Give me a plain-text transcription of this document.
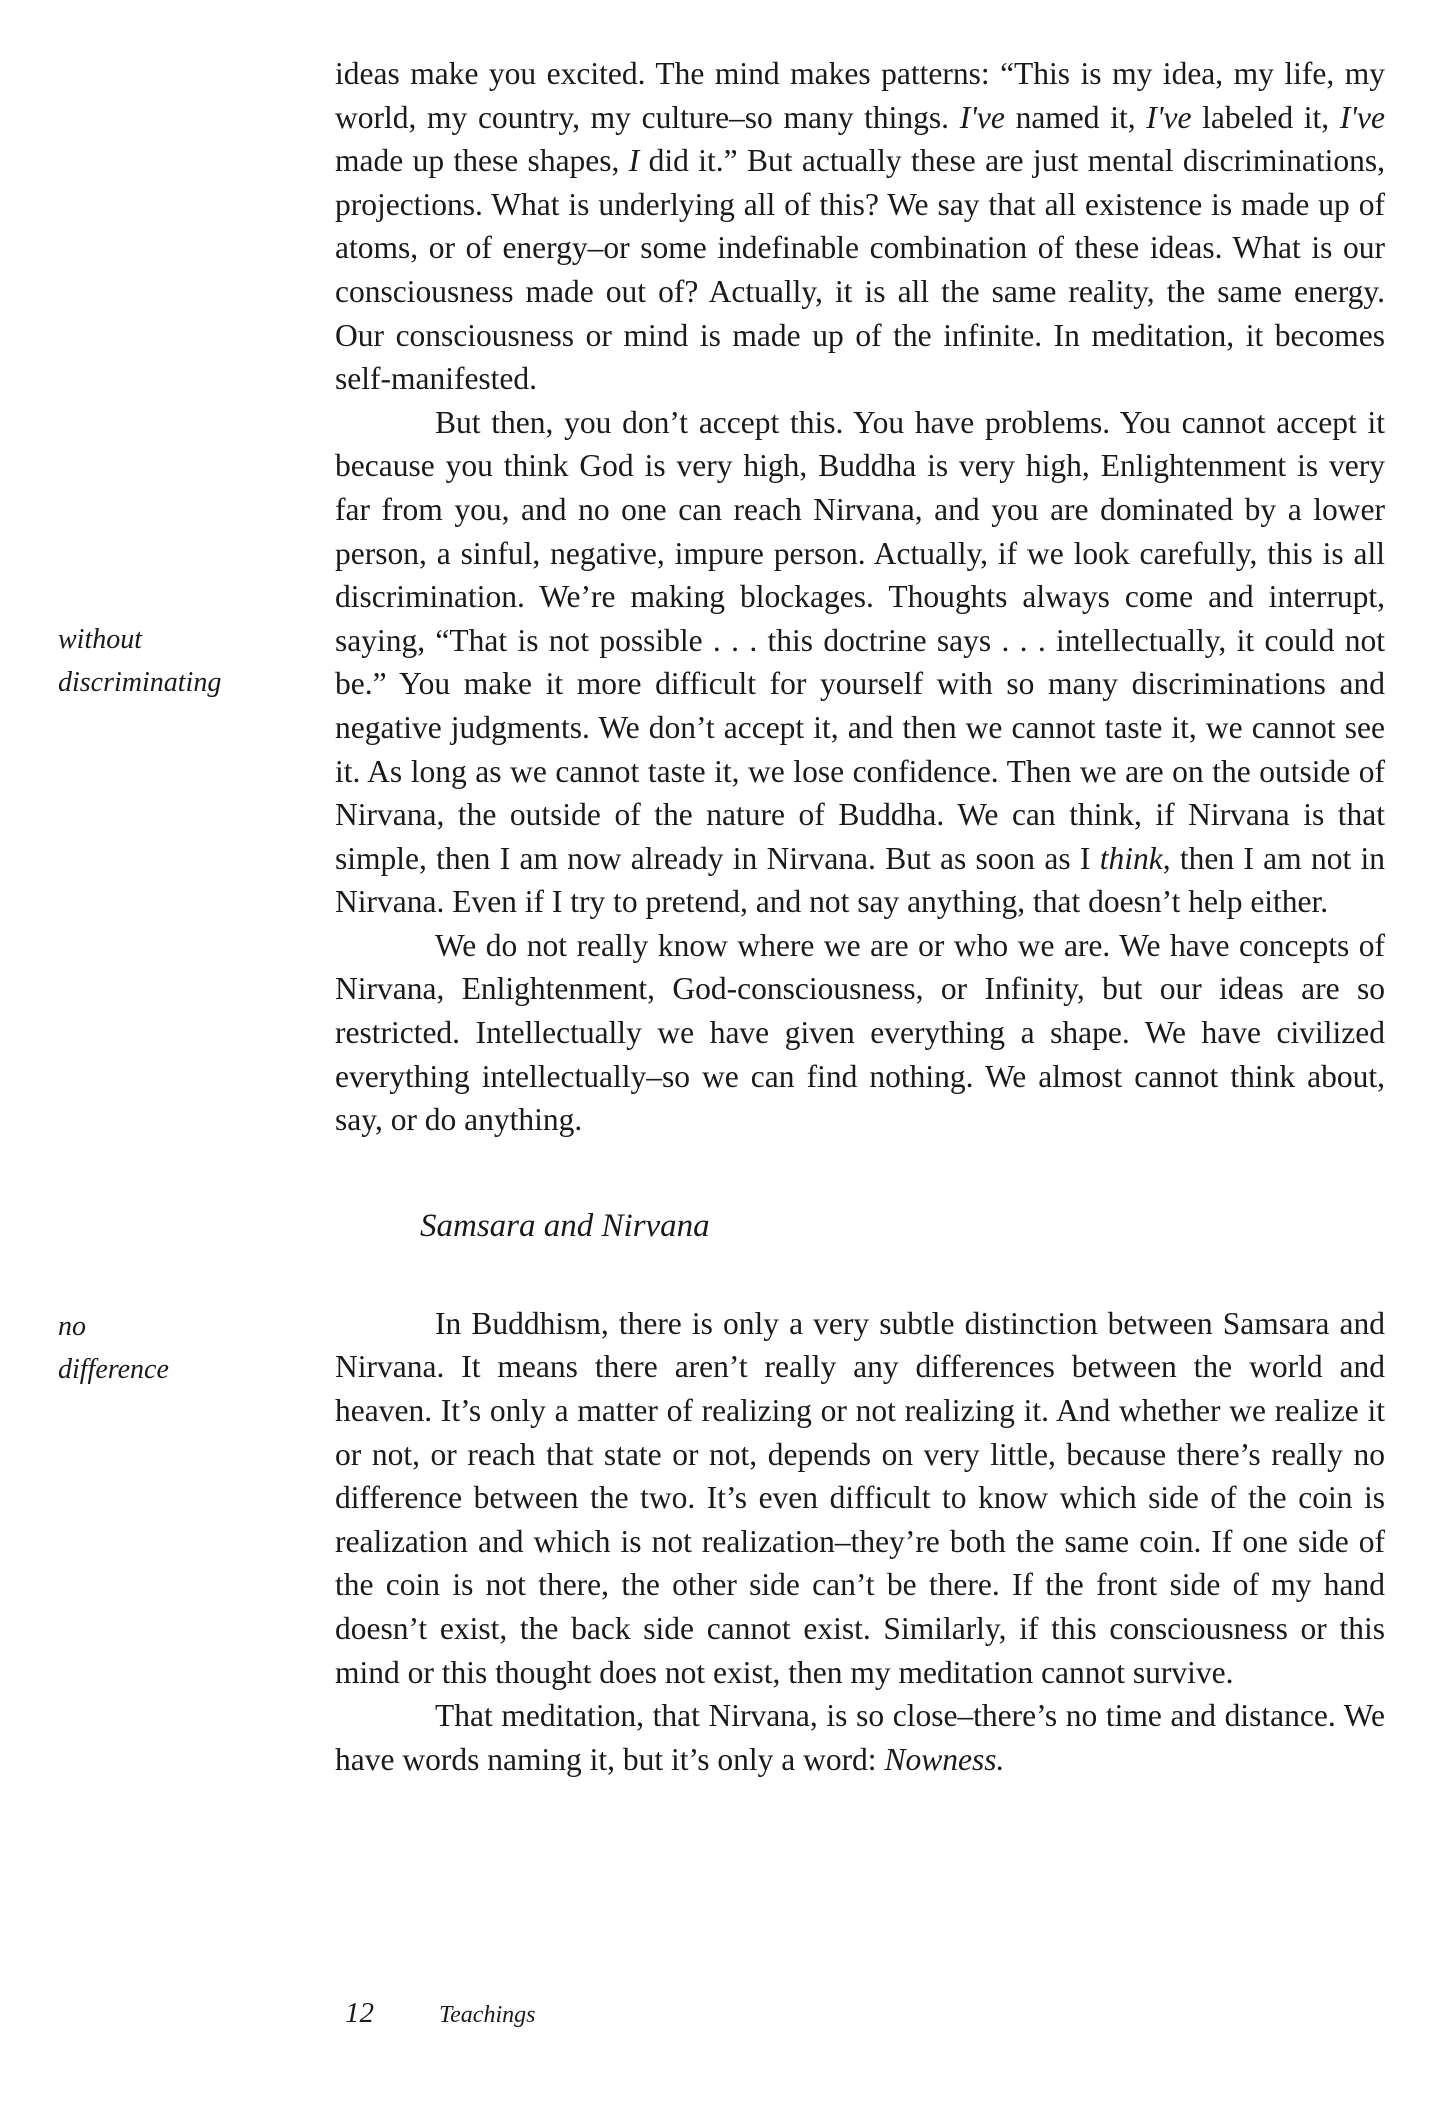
without
discriminating
no
difference

ideas make you excited. The mind makes patterns: “This is my idea, my life, my world, my country, my culture–so many things. I've named it, I've labeled it, I've made up these shapes, I did it.” But actually these are just mental discriminations, projections. What is underlying all of this? We say that all existence is made up of atoms, or of energy–or some indefinable combination of these ideas. What is our consciousness made out of? Actually, it is all the same reality, the same energy. Our consciousness or mind is made up of the infinite. In meditation, it becomes self-manifested.

But then, you don’t accept this. You have problems. You cannot accept it because you think God is very high, Buddha is very high, Enlightenment is very far from you, and no one can reach Nirvana, and you are dominated by a lower person, a sinful, negative, impure person. Actually, if we look carefully, this is all discrimination. We’re making blockages. Thoughts always come and interrupt, saying, “That is not possible . . . this doctrine says . . . intellectually, it could not be.” You make it more difficult for yourself with so many discriminations and negative judgments. We don’t accept it, and then we cannot taste it, we cannot see it. As long as we cannot taste it, we lose confidence. Then we are on the outside of Nirvana, the outside of the nature of Buddha. We can think, if Nirvana is that simple, then I am now already in Nirvana. But as soon as I think, then I am not in Nirvana. Even if I try to pretend, and not say anything, that doesn’t help either.

We do not really know where we are or who we are. We have concepts of Nirvana, Enlightenment, God-consciousness, or Infinity, but our ideas are so restricted. Intellectually we have given everything a shape. We have civilized everything intellectually–so we can find nothing. We almost cannot think about, say, or do anything.

Samsara and Nirvana

In Buddhism, there is only a very subtle distinction between Samsara and Nirvana. It means there aren’t really any differences between the world and heaven. It’s only a matter of realizing or not realizing it. And whether we realize it or not, or reach that state or not, depends on very little, because there’s really no difference between the two. It’s even difficult to know which side of the coin is realization and which is not realization–they’re both the same coin. If one side of the coin is not there, the other side can’t be there. If the front side of my hand doesn’t exist, the back side cannot exist. Similarly, if this consciousness or this mind or this thought does not exist, then my meditation cannot survive.

That meditation, that Nirvana, is so close–there’s no time and distance. We have words naming it, but it’s only a word: Nowness.

12	Teachings
